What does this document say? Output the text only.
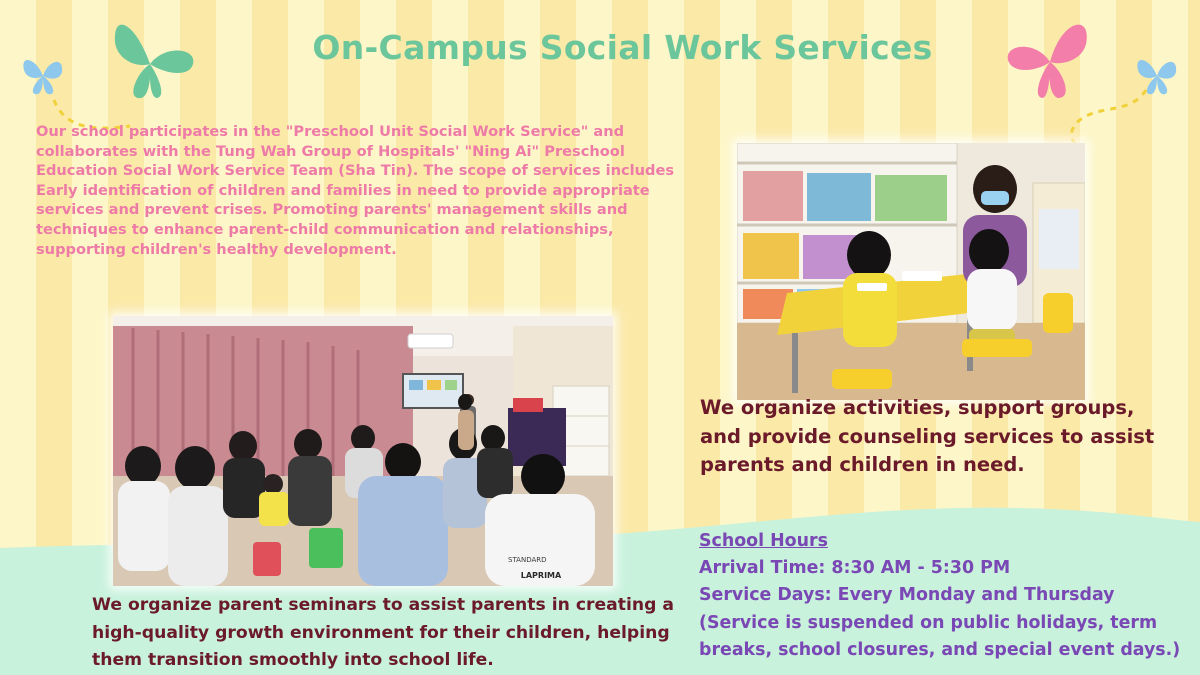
On-Campus Social Work Services
Our school participates in the "Preschool Unit Social Work Service" and collaborates with the Tung Wah Group of Hospitals' "Ning Ai" Preschool Education Social Work Service Team (Sha Tin). The scope of services includes Early identification of children and families in need to provide appropriate services and prevent crises. Promoting parents' management skills and techniques to enhance parent-child communication and relationships, supporting children's healthy development.
LAPRIMA
STANDARD
We organize activities, support groups, and provide counseling services to assist parents and children in need.
School Hours
Arrival Time: 8:30 AM - 5:30 PM
Service Days: Every Monday and Thursday
(Service is suspended on public holidays, term breaks, school closures, and special event days.)
We organize parent seminars to assist parents in creating a high-quality growth environment for their children, helping them transition smoothly into school life.
